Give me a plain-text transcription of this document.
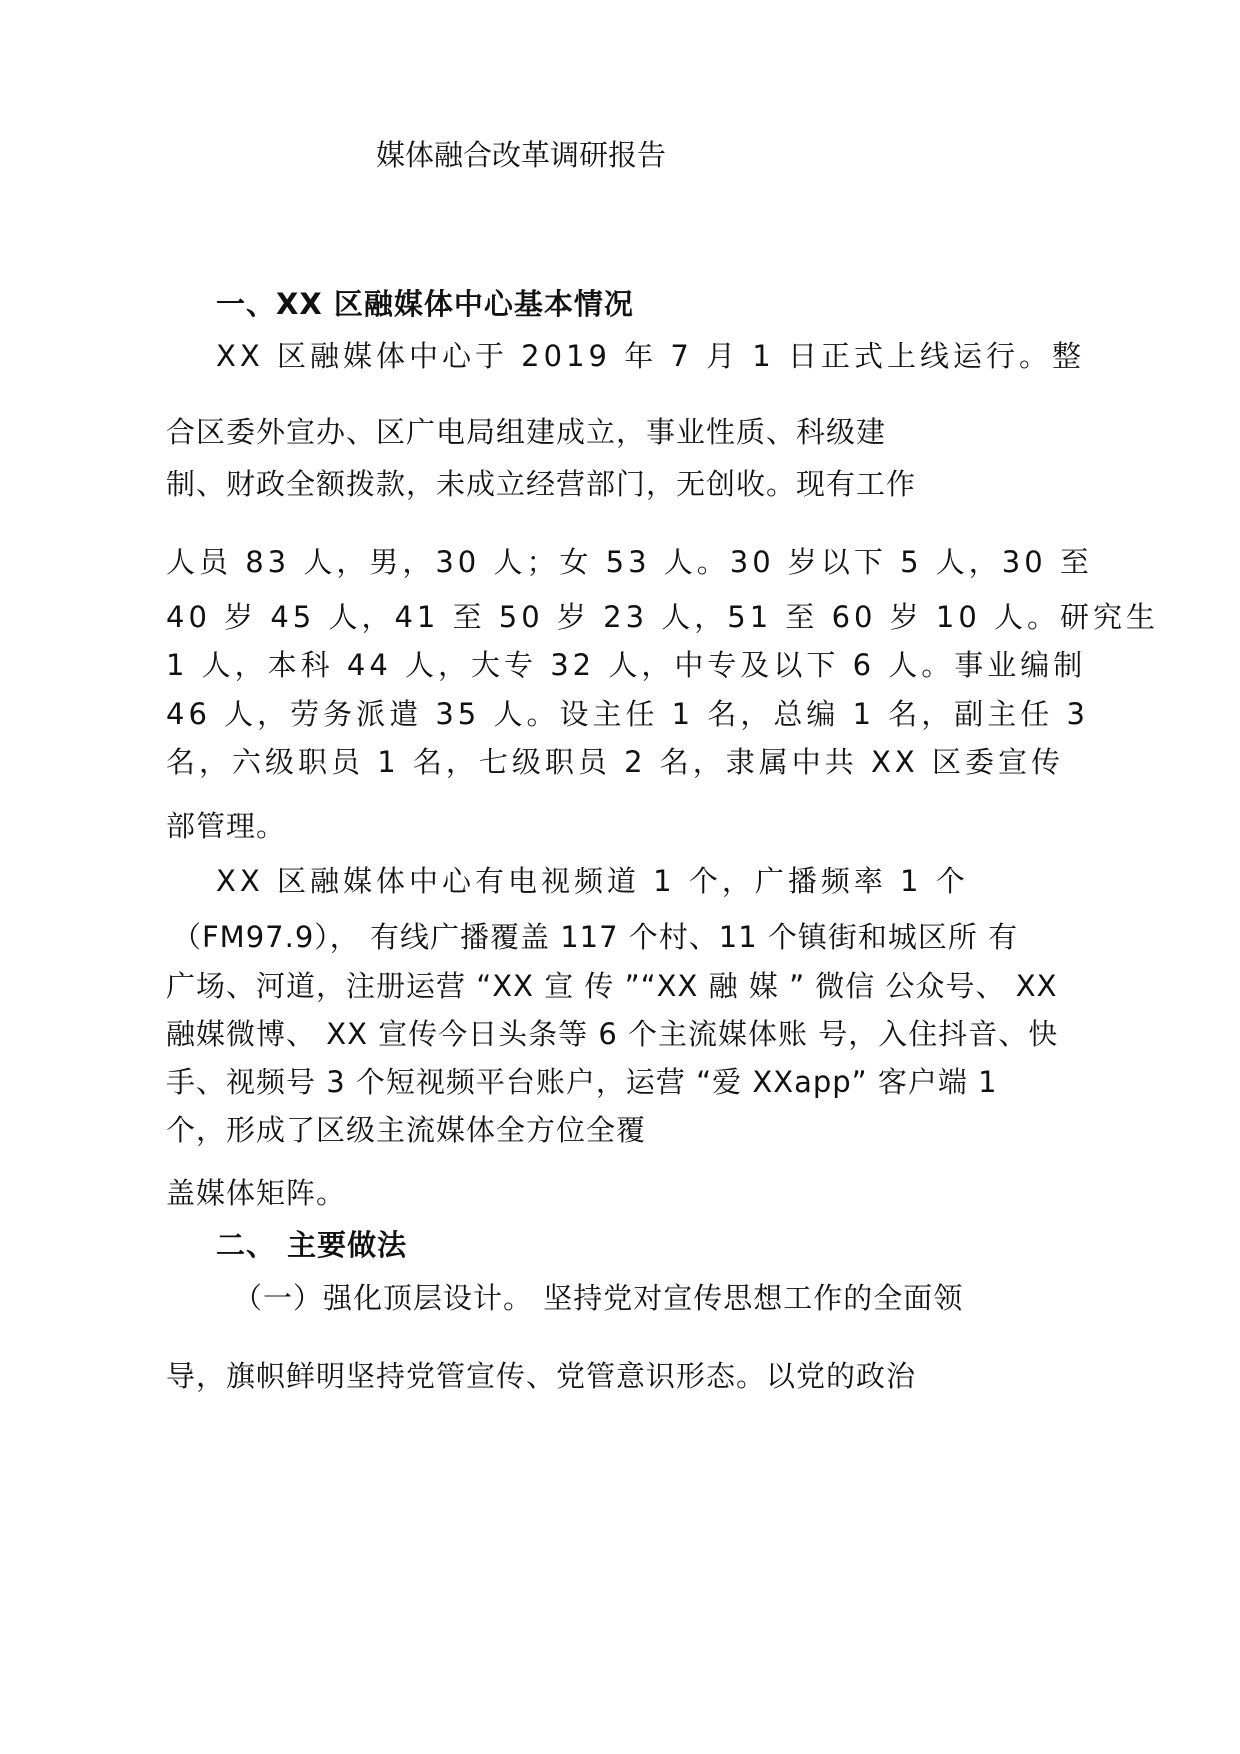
媒体融合改革调研报告
一、XX 区融媒体中心基本情况
XX 区融媒体中心于 2019 年 7 月 1 日正式上线运行。整
合区委外宣办、区广电局组建成立，事业性质、科级建
制、财政全额拨款，未成立经营部门，无创收。现有工作
人员 83 人，男，30 人；女 53 人。30 岁以下 5 人，30 至
40 岁 45 人，41 至 50 岁 23 人，51 至 60 岁 10 人。研究生
1 人，本科 44 人，大专 32 人，中专及以下 6 人。事业编制
46 人，劳务派遣 35 人。设主任 1 名，总编 1 名，副主任 3
名，六级职员 1 名，七级职员 2 名，隶属中共 XX 区委宣传
部管理。
XX 区融媒体中心有电视频道 1 个，广播频率 1 个
（FM97.9）， 有线广播覆盖 117 个村、11 个镇街和城区所 有
广场、河道，注册运营 “XX 宣 传 ”“XX 融 媒 ” 微信 公众号、 XX
融媒微博、 XX 宣传今日头条等 6 个主流媒体账 号，入住抖音、快
手、视频号 3 个短视频平台账户，运营 “爱 XXapp” 客户端 1
个，形成了区级主流媒体全方位全覆
盖媒体矩阵。
二、 主要做法
（一）强化顶层设计。 坚持党对宣传思想工作的全面领
导，旗帜鲜明坚持党管宣传、党管意识形态。以党的政治
